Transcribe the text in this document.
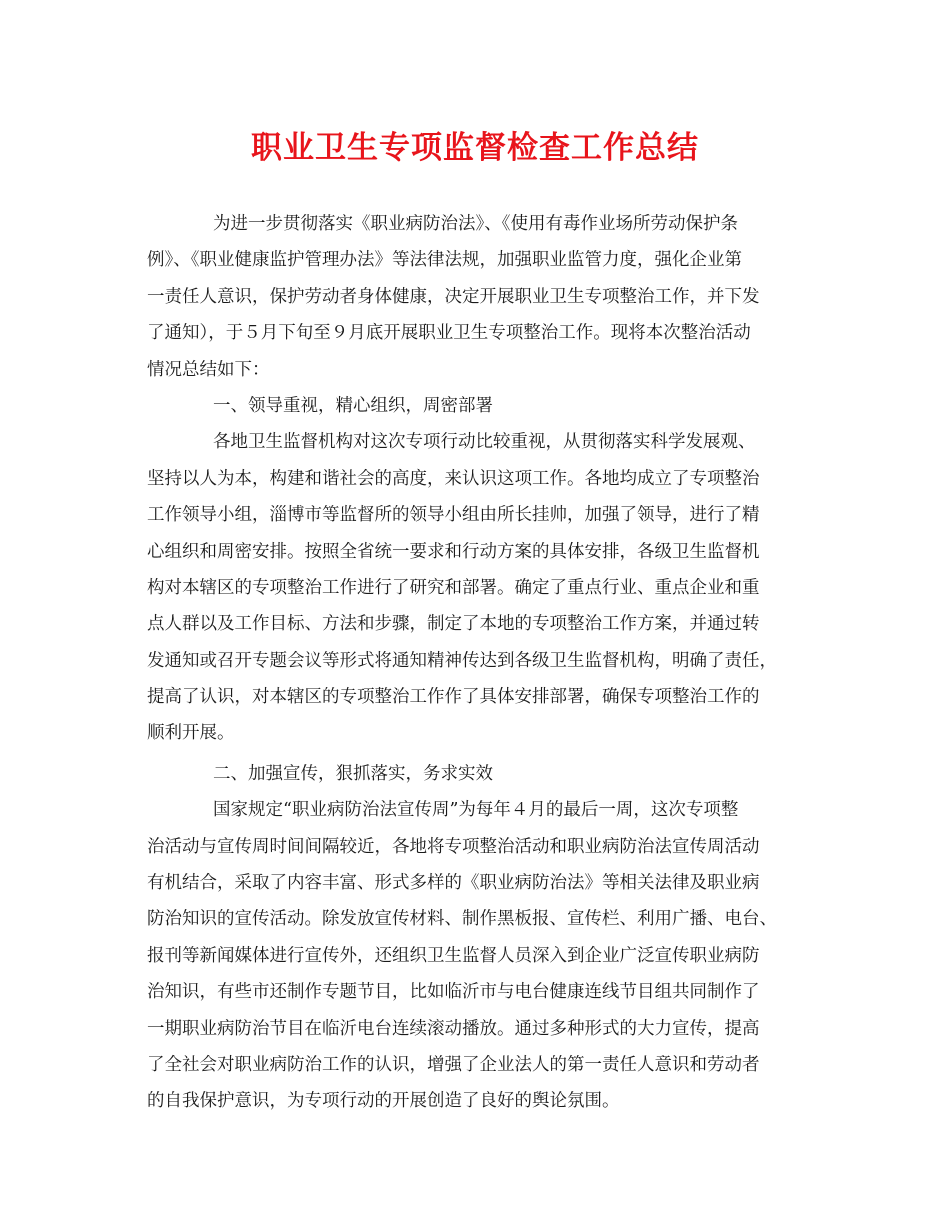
职业卫生专项监督检查工作总结
为进一步贯彻落实《职业病防治法》、《使用有毒作业场所劳动保护条
例》、《职业健康监护管理办法》等法律法规，加强职业监管力度，强化企业第
一责任人意识，保护劳动者身体健康，决定开展职业卫生专项整治工作，并下发
了通知），于５月下旬至９月底开展职业卫生专项整治工作。现将本次整治活动
情况总结如下：
一、领导重视，精心组织，周密部署
各地卫生监督机构对这次专项行动比较重视，从贯彻落实科学发展观、
坚持以人为本，构建和谐社会的高度，来认识这项工作。各地均成立了专项整治
工作领导小组，淄博市等监督所的领导小组由所长挂帅，加强了领导，进行了精
心组织和周密安排。按照全省统一要求和行动方案的具体安排，各级卫生监督机
构对本辖区的专项整治工作进行了研究和部署。确定了重点行业、重点企业和重
点人群以及工作目标、方法和步骤，制定了本地的专项整治工作方案，并通过转
发通知或召开专题会议等形式将通知精神传达到各级卫生监督机构，明确了责任，
提高了认识，对本辖区的专项整治工作作了具体安排部署，确保专项整治工作的
顺利开展。
二、加强宣传，狠抓落实，务求实效
国家规定“职业病防治法宣传周”为每年４月的最后一周，这次专项整
治活动与宣传周时间间隔较近，各地将专项整治活动和职业病防治法宣传周活动
有机结合，采取了内容丰富、形式多样的《职业病防治法》等相关法律及职业病
防治知识的宣传活动。除发放宣传材料、制作黑板报、宣传栏、利用广播、电台、
报刊等新闻媒体进行宣传外，还组织卫生监督人员深入到企业广泛宣传职业病防
治知识，有些市还制作专题节目，比如临沂市与电台健康连线节目组共同制作了
一期职业病防治节目在临沂电台连续滚动播放。通过多种形式的大力宣传，提高
了全社会对职业病防治工作的认识，增强了企业法人的第一责任人意识和劳动者
的自我保护意识，为专项行动的开展创造了良好的舆论氛围。
